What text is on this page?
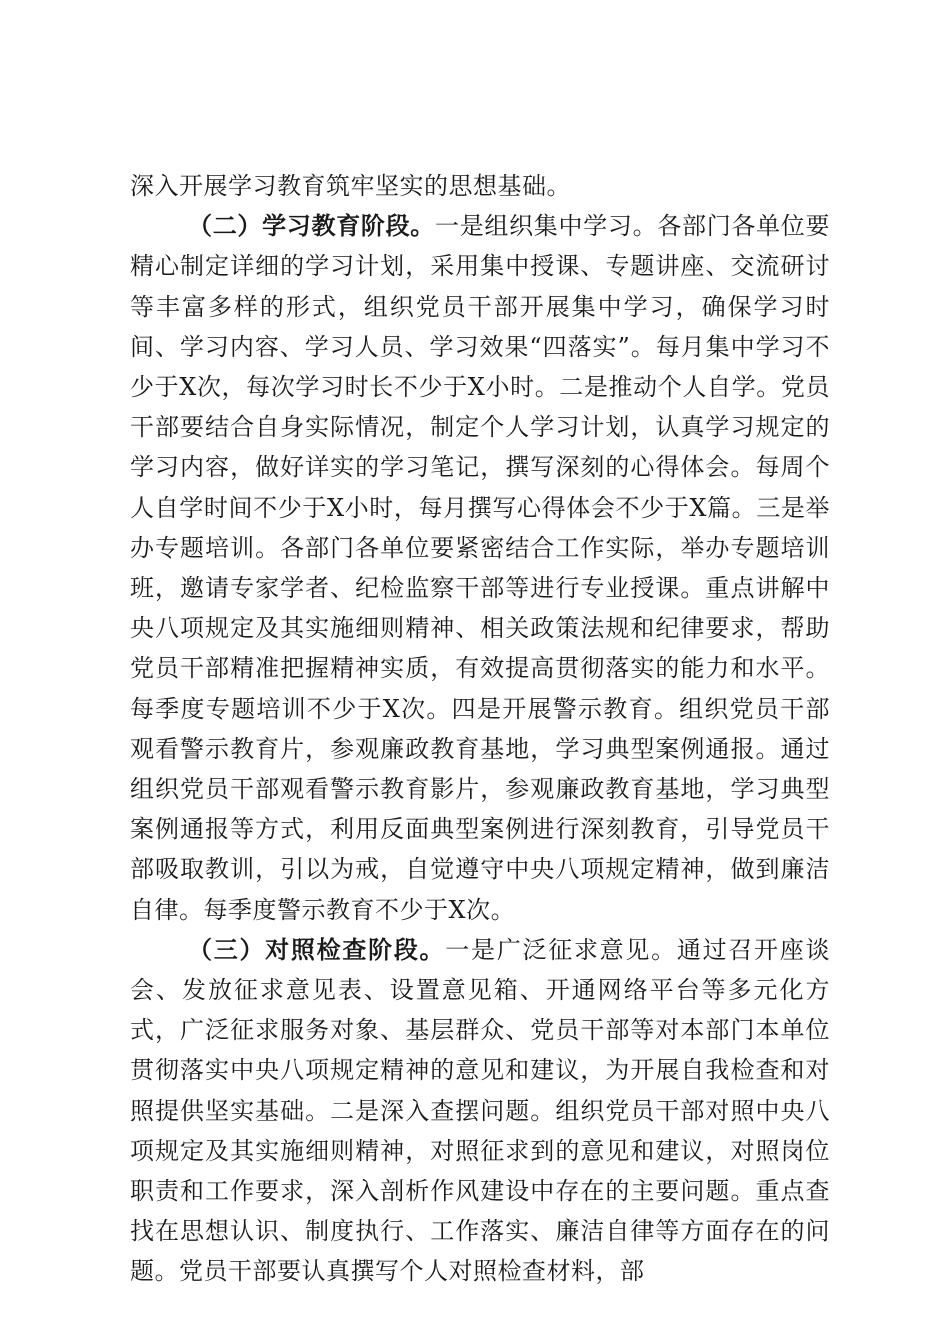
深入开展学习教育筑牢坚实的思想基础。

（二）学习教育阶段。一是组织集中学习。各部门各单位要精心制定详细的学习计划，采用集中授课、专题讲座、交流研讨等丰富多样的形式，组织党员干部开展集中学习，确保学习时间、学习内容、学习人员、学习效果“四落实”。每月集中学习不少于X次，每次学习时长不少于X小时。二是推动个人自学。党员干部要结合自身实际情况，制定个人学习计划，认真学习规定的学习内容，做好详实的学习笔记，撰写深刻的心得体会。每周个人自学时间不少于X小时，每月撰写心得体会不少于X篇。三是举办专题培训。各部门各单位要紧密结合工作实际，举办专题培训班，邀请专家学者、纪检监察干部等进行专业授课。重点讲解中央八项规定及其实施细则精神、相关政策法规和纪律要求，帮助党员干部精准把握精神实质，有效提高贯彻落实的能力和水平。每季度专题培训不少于X次。四是开展警示教育。组织党员干部观看警示教育片，参观廉政教育基地，学习典型案例通报。通过组织党员干部观看警示教育影片，参观廉政教育基地，学习典型案例通报等方式，利用反面典型案例进行深刻教育，引导党员干部吸取教训，引以为戒，自觉遵守中央八项规定精神，做到廉洁自律。每季度警示教育不少于X次。

（三）对照检查阶段。一是广泛征求意见。通过召开座谈会、发放征求意见表、设置意见箱、开通网络平台等多元化方式，广泛征求服务对象、基层群众、党员干部等对本部门本单位贯彻落实中央八项规定精神的意见和建议，为开展自我检查和对照提供坚实基础。二是深入查摆问题。组织党员干部对照中央八项规定及其实施细则精神，对照征求到的意见和建议，对照岗位职责和工作要求，深入剖析作风建设中存在的主要问题。重点查找在思想认识、制度执行、工作落实、廉洁自律等方面存在的问题。党员干部要认真撰写个人对照检查材料，部
